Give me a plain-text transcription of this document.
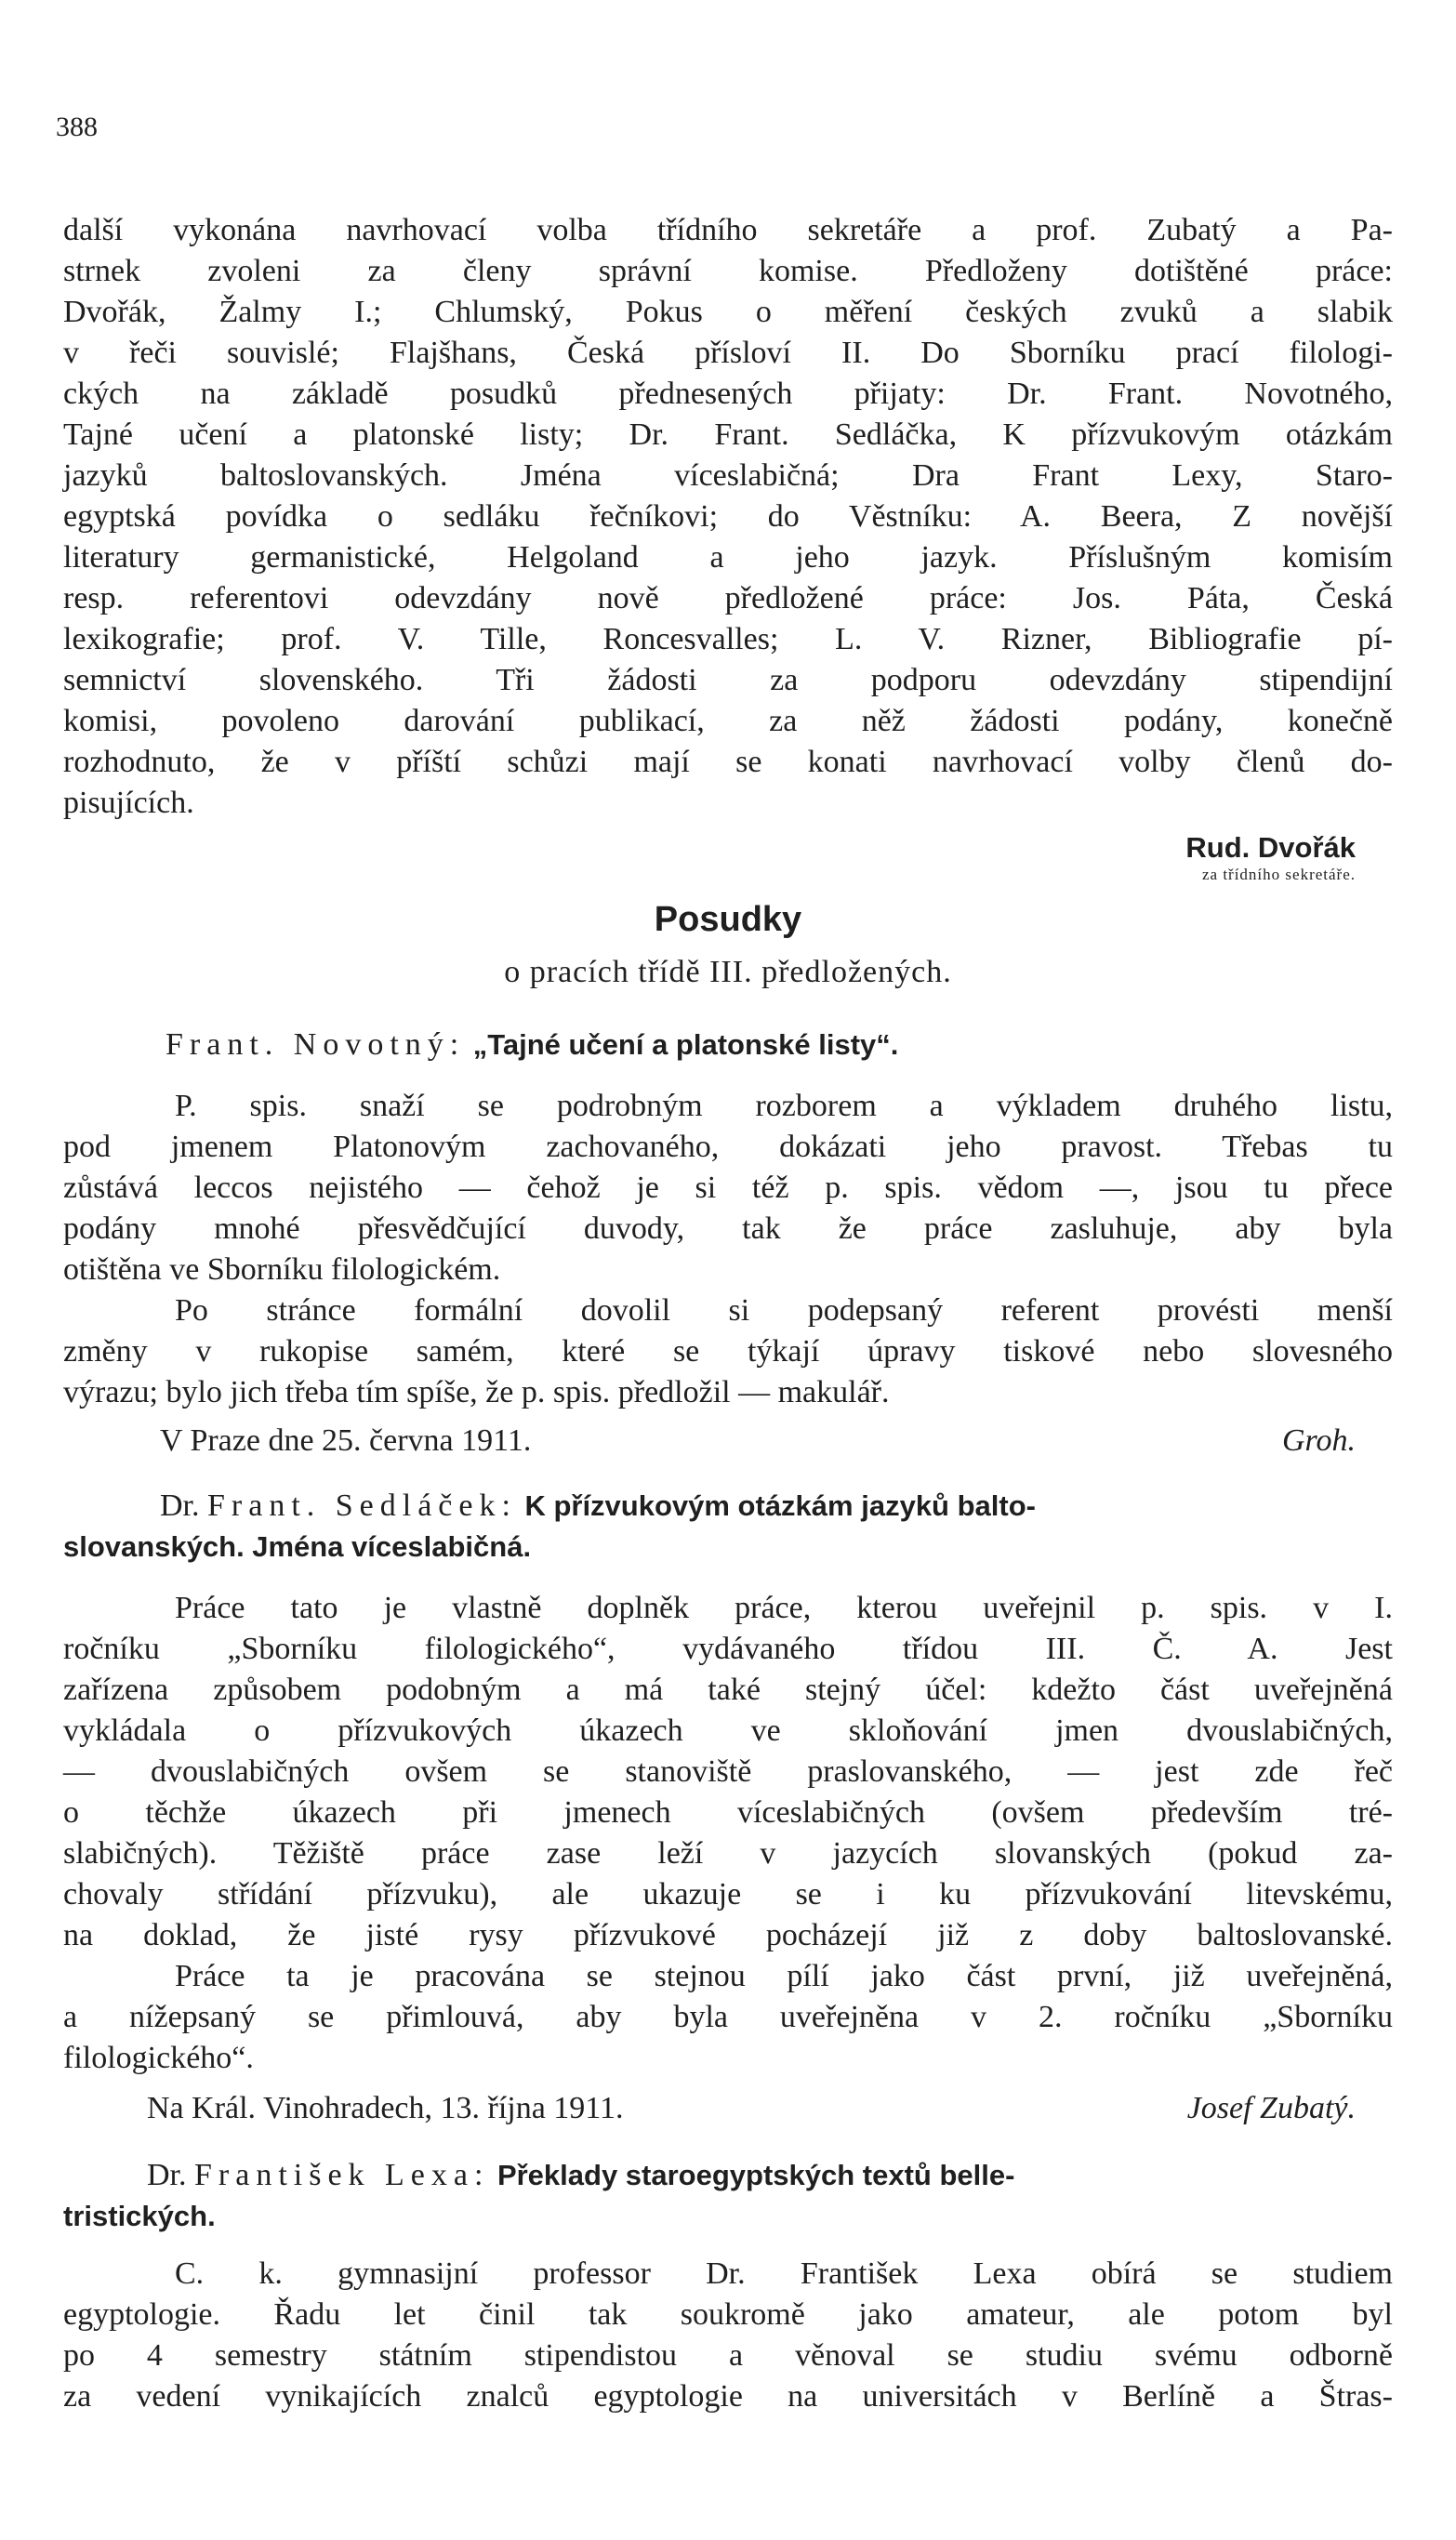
388
další vykonána navrhovací volba třídního sekretáře a prof. Zubatý a Pa-
strnek zvoleni za členy správní komise. Předloženy dotištěné práce:
Dvořák, Žalmy I.; Chlumský, Pokus o měření českých zvuků a slabik
v řeči souvislé; Flajšhans, Česká přísloví II. Do Sborníku prací filologi-
ckých na základě posudků přednesených přijaty: Dr. Frant. Novotného,
Tajné učení a platonské listy; Dr. Frant. Sedláčka, K přízvukovým otázkám
jazyků baltoslovanských. Jména víceslabičná; Dra Frant Lexy, Staro-
egyptská povídka o sedláku řečníkovi; do Věstníku: A. Beera, Z novější
literatury germanistické, Helgoland a jeho jazyk. Příslušným komisím
resp. referentovi odevzdány nově předložené práce: Jos. Páta, Česká
lexikografie; prof. V. Tille, Roncesvalles; L. V. Rizner, Bibliografie pí-
semnictví slovenského. Tři žádosti za podporu odevzdány stipendijní
komisi, povoleno darování publikací, za něž žádosti podány, konečně
rozhodnuto, že v příští schůzi mají se konati navrhovací volby členů do-
pisujících.
Rud. Dvořák
za třídního sekretáře.
Posudky
o pracích třídě III. předložených.
Frant. Novotný: „Tajné učení a platonské listy“.
P. spis. snaží se podrobným rozborem a výkladem druhého listu,
pod jmenem Platonovým zachovaného, dokázati jeho pravost. Třebas tu
zůstává leccos nejistého — čehož je si též p. spis. vědom —, jsou tu přece
podány mnohé přesvědčující duvody, tak že práce zasluhuje, aby byla
otištěna ve Sborníku filologickém.
Po stránce formální dovolil si podepsaný referent provésti menší
změny v rukopise samém, které se týkají úpravy tiskové nebo slovesného
výrazu; bylo jich třeba tím spíše, že p. spis. předložil — makulář.
V Praze dne 25. června 1911.	Groh.
Dr. Frant. Sedláček: K přízvukovým otázkám jazyků balto-
slovanských. Jména víceslabičná.
Práce tato je vlastně doplněk práce, kterou uveřejnil p. spis. v I.
ročníku „Sborníku filologického“, vydávaného třídou III. Č. A. Jest
zařízena způsobem podobným a má také stejný účel: kdežto část uveřejněná
vykládala o přízvukových úkazech ve skloňování jmen dvouslabičných,
— dvouslabičných ovšem se stanoviště praslovanského, — jest zde řeč
o těchže úkazech při jmenech víceslabičných (ovšem především tré-
slabičných). Těžiště práce zase leží v jazycích slovanských (pokud za-
chovaly střídání přízvuku), ale ukazuje se i ku přízvukování litevskému,
na doklad, že jisté rysy přízvukové pocházejí již z doby baltoslovanské.
Práce ta je pracována se stejnou pílí jako část první, již uveřejněná,
a nížepsaný se přimlouvá, aby byla uveřejněna v 2. ročníku „Sborníku
filologického“.
Na Král. Vinohradech, 13. října 1911.	Josef Zubatý.
Dr. František Lexa: Překlady staroegyptských textů belle-
tristických.
C. k. gymnasijní professor Dr. František Lexa obírá se studiem
egyptologie. Řadu let činil tak soukromě jako amateur, ale potom byl
po 4 semestry státním stipendistou a věnoval se studiu svému odborně
za vedení vynikajících znalců egyptologie na universitách v Berlíně a Štras-
